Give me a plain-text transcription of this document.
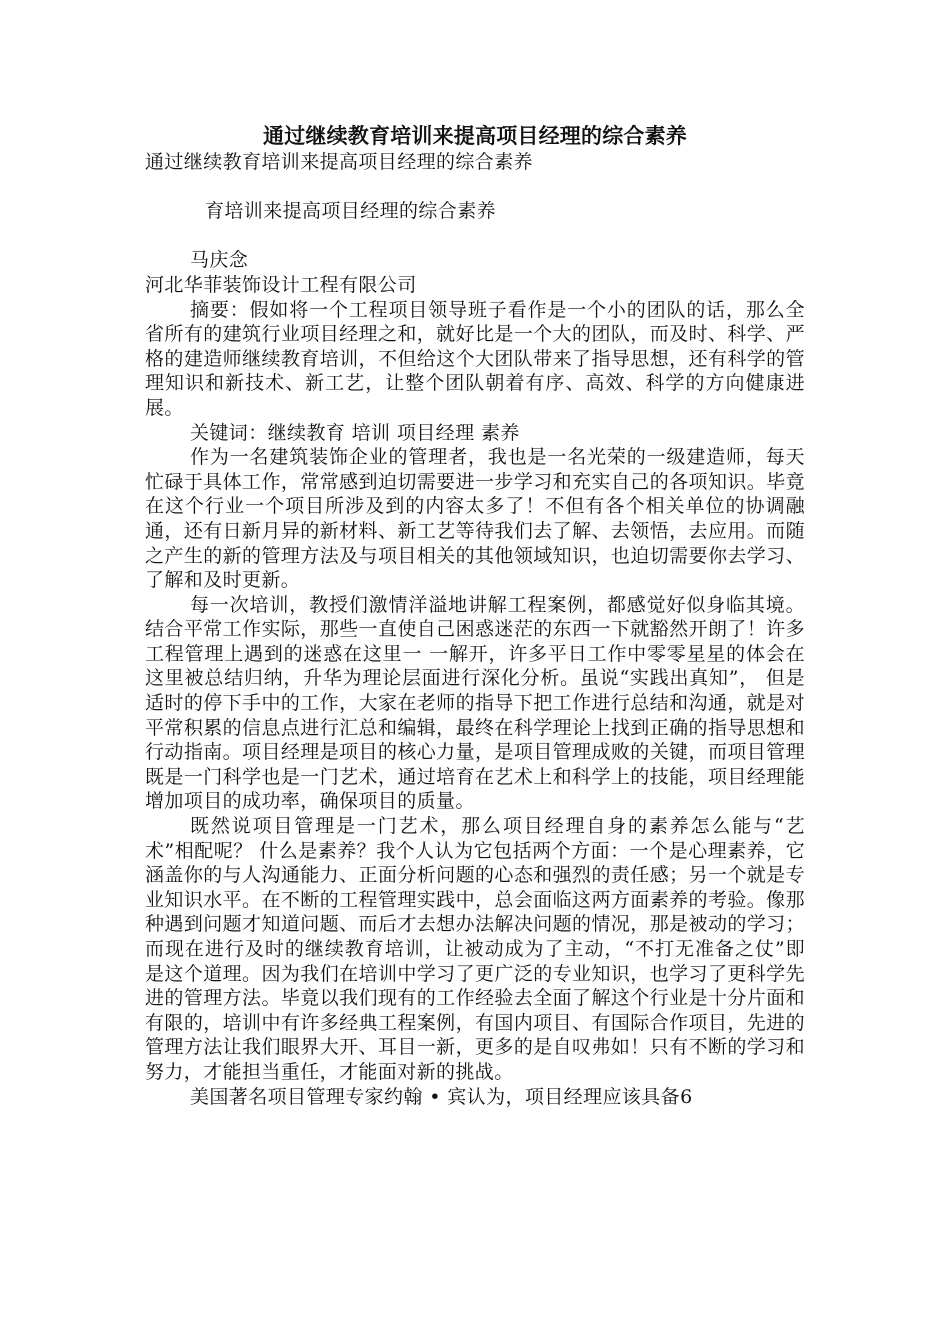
通过继续教育培训来提高项目经理的综合素养

通过继续教育培训来提高项目经理的综合素养

育培训来提高项目经理的综合素养

马庆念

河北华菲装饰设计工程有限公司

摘要：假如将一个工程项目领导班子看作是一个小的团队的话，那么全省所有的建筑行业项目经理之和，就好比是一个大的团队，而及时、科学、严格的建造师继续教育培训，不但给这个大团队带来了指导思想，还有科学的管理知识和新技术、新工艺，让整个团队朝着有序、高效、科学的方向健康进展。

关键词：继续教育 培训 项目经理 素养

作为一名建筑装饰企业的管理者，我也是一名光荣的一级建造师，每天忙碌于具体工作，常常感到迫切需要进一步学习和充实自己的各项知识。毕竟在这个行业一个项目所涉及到的内容太多了！不但有各个相关单位的协调融通，还有日新月异的新材料、新工艺等待我们去了解、去领悟，去应用。而随之产生的新的管理方法及与项目相关的其他领域知识，也迫切需要你去学习、了解和及时更新。

每一次培训，教授们激情洋溢地讲解工程案例，都感觉好似身临其境。结合平常工作实际，那些一直使自己困惑迷茫的东西一下就豁然开朗了！许多工程管理上遇到的迷惑在这里一 一解开，许多平日工作中零零星星的体会在这里被总结归纳，升华为理论层面进行深化分析。虽说“实践出真知”， 但是适时的停下手中的工作，大家在老师的指导下把工作进行总结和沟通，就是对平常积累的信息点进行汇总和编辑，最终在科学理论上找到正确的指导思想和行动指南。项目经理是项目的核心力量，是项目管理成败的关键，而项目管理既是一门科学也是一门艺术，通过培育在艺术上和科学上的技能，项目经理能增加项目的成功率，确保项目的质量。

既然说项目管理是一门艺术，那么项目经理自身的素养怎么能与“艺术”相配呢？ 什么是素养？我个人认为它包括两个方面：一个是心理素养，它涵盖你的与人沟通能力、正面分析问题的心态和强烈的责任感；另一个就是专业知识水平。在不断的工程管理实践中，总会面临这两方面素养的考验。像那种遇到问题才知道问题、而后才去想办法解决问题的情况，那是被动的学习；而现在进行及时的继续教育培训，让被动成为了主动，“不打无准备之仗”即是这个道理。因为我们在培训中学习了更广泛的专业知识，也学习了更科学先进的管理方法。毕竟以我们现有的工作经验去全面了解这个行业是十分片面和有限的，培训中有许多经典工程案例，有国内项目、有国际合作项目，先进的管理方法让我们眼界大开、耳目一新，更多的是自叹弗如！只有不断的学习和努力，才能担当重任，才能面对新的挑战。

美国著名项目管理专家约翰 • 宾认为，项目经理应该具备6
